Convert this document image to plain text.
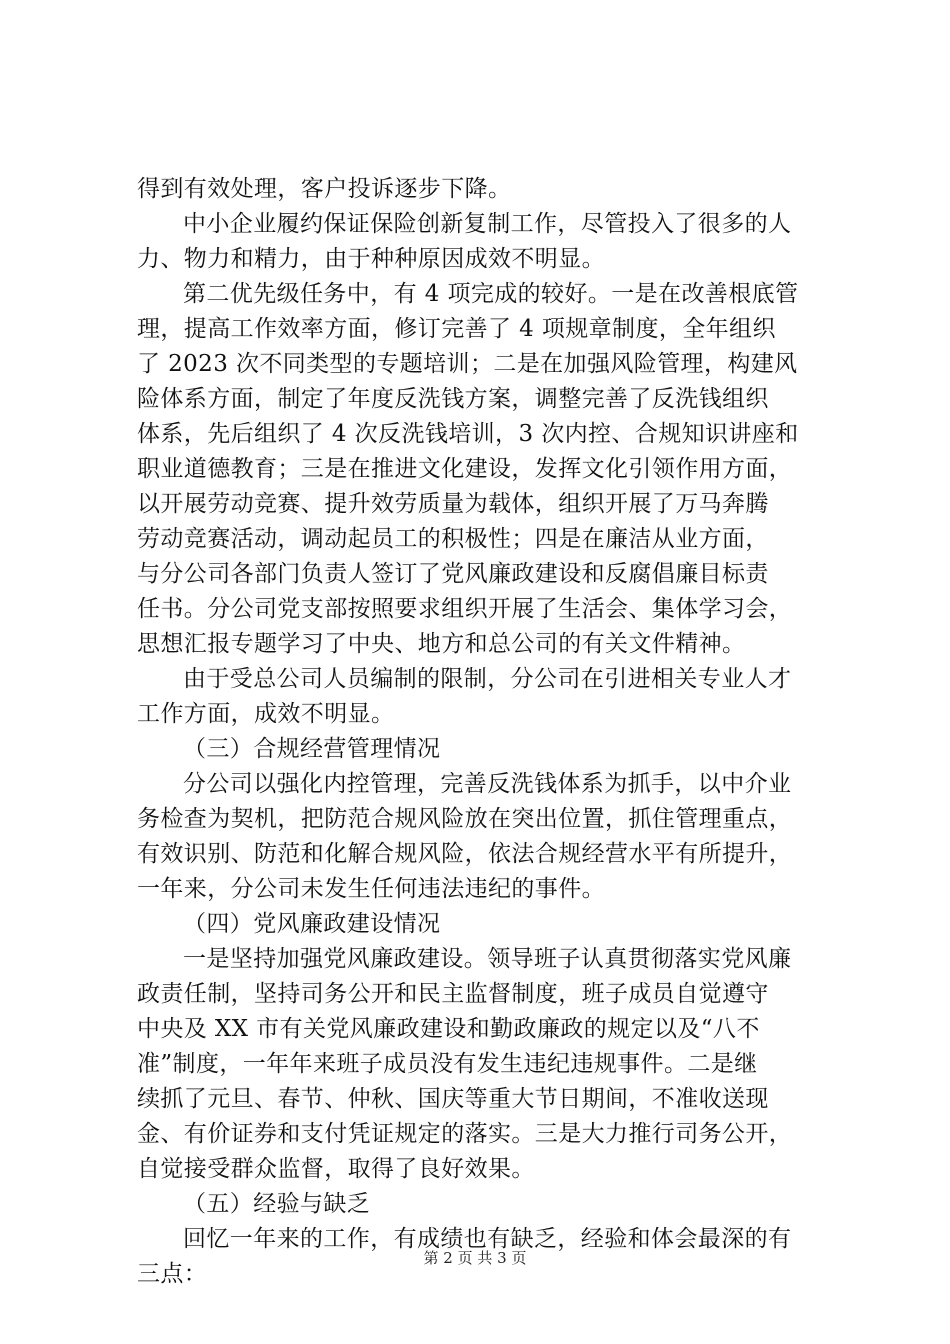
得到有效处理，客户投诉逐步下降。
中小企业履约保证保险创新复制工作，尽管投入了很多的人
力、物力和精力，由于种种原因成效不明显。
第二优先级任务中，有 4 项完成的较好。一是在改善根底管
理，提高工作效率方面，修订完善了 4 项规章制度，全年组织
了 2023 次不同类型的专题培训；二是在加强风险管理，构建风
险体系方面，制定了年度反洗钱方案，调整完善了反洗钱组织
体系，先后组织了 4 次反洗钱培训，3 次内控、合规知识讲座和
职业道德教育；三是在推进文化建设，发挥文化引领作用方面，
以开展劳动竞赛、提升效劳质量为载体，组织开展了万马奔腾
劳动竞赛活动，调动起员工的积极性；四是在廉洁从业方面，
与分公司各部门负责人签订了党风廉政建设和反腐倡廉目标责
任书。分公司党支部按照要求组织开展了生活会、集体学习会，
思想汇报专题学习了中央、地方和总公司的有关文件精神。
由于受总公司人员编制的限制，分公司在引进相关专业人才
工作方面，成效不明显。
（三）合规经营管理情况
分公司以强化内控管理，完善反洗钱体系为抓手，以中介业
务检查为契机，把防范合规风险放在突出位置，抓住管理重点，
有效识别、防范和化解合规风险，依法合规经营水平有所提升，
一年来，分公司未发生任何违法违纪的事件。
（四）党风廉政建设情况
一是坚持加强党风廉政建设。领导班子认真贯彻落实党风廉
政责任制，坚持司务公开和民主监督制度，班子成员自觉遵守
中央及 XX 市有关党风廉政建设和勤政廉政的规定以及“八不
准”制度，一年年来班子成员没有发生违纪违规事件。二是继
续抓了元旦、春节、仲秋、国庆等重大节日期间，不准收送现
金、有价证券和支付凭证规定的落实。三是大力推行司务公开，
自觉接受群众监督，取得了良好效果。
（五）经验与缺乏
回忆一年来的工作，有成绩也有缺乏，经验和体会最深的有
三点：
第 2 页 共 3 页
